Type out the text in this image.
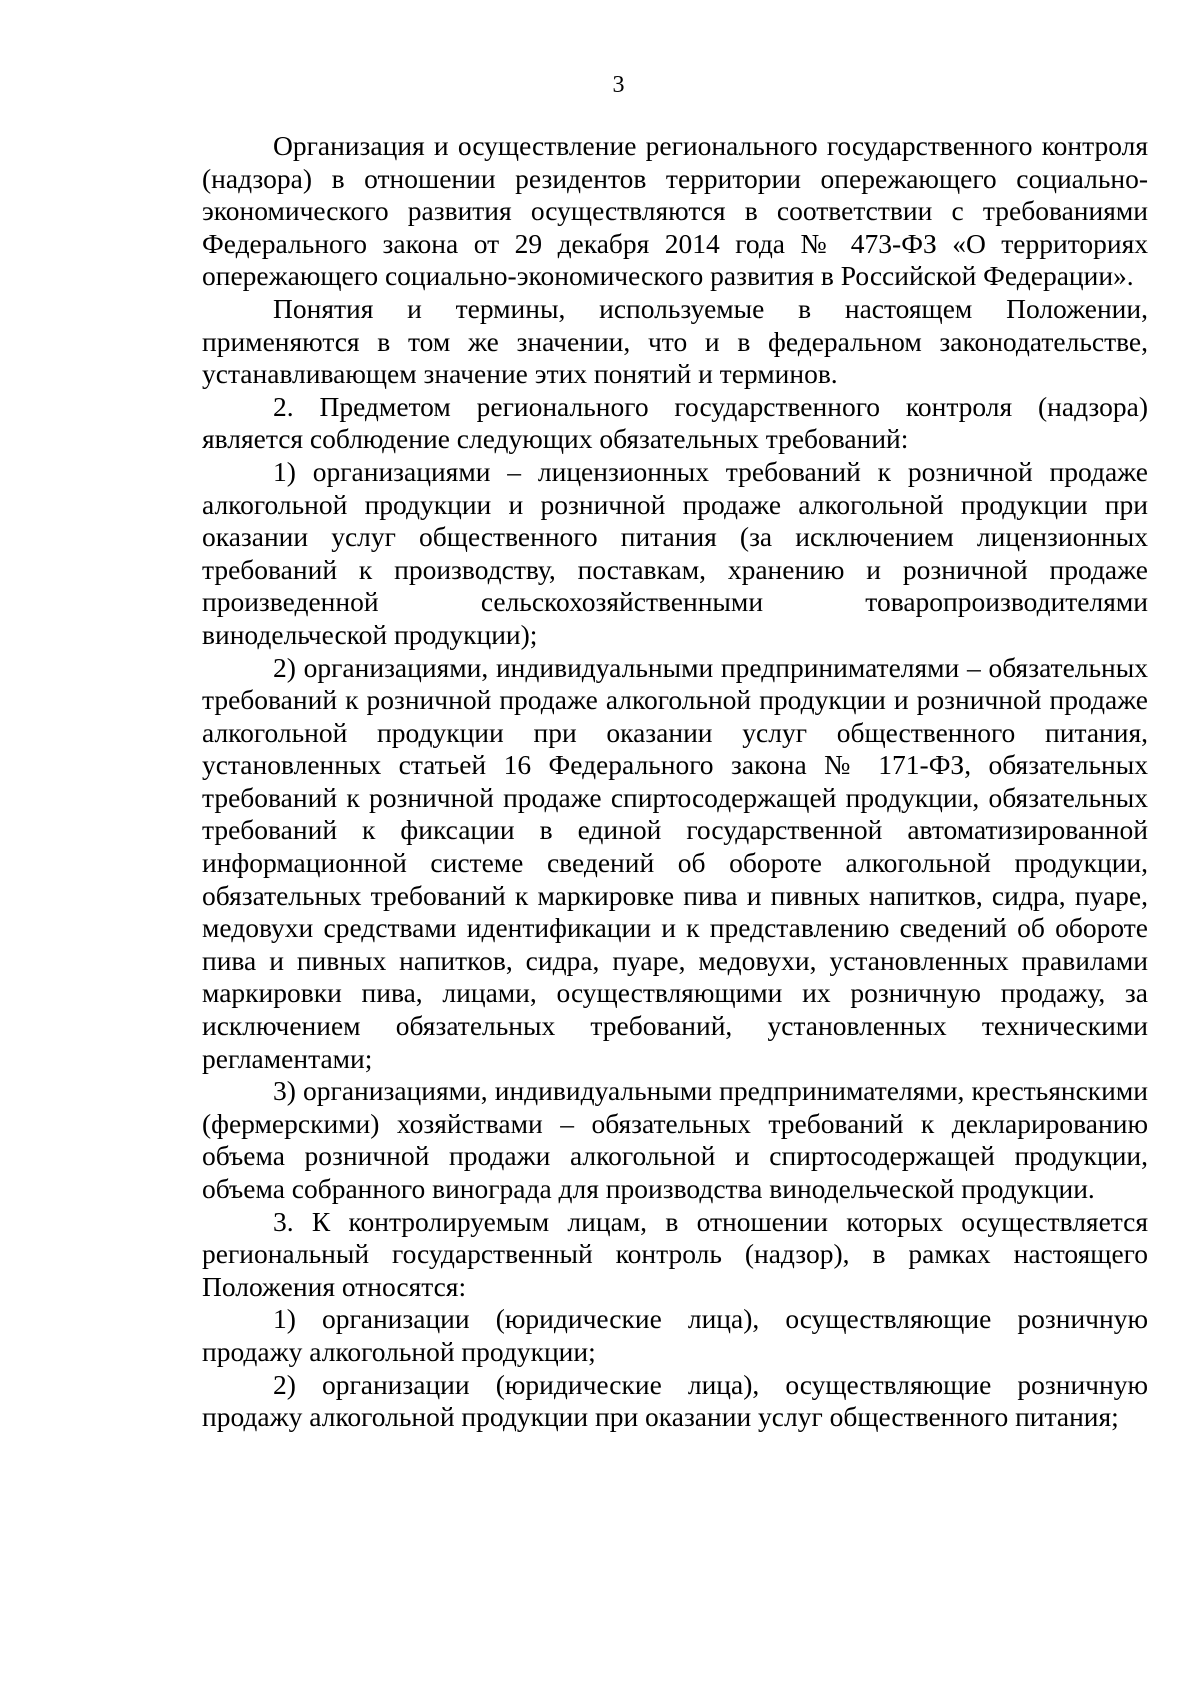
3

Организация и осуществление регионального государственного контроля (надзора) в отношении резидентов территории опережающего социально-экономического развития осуществляются в соответствии с требованиями Федерального закона от 29 декабря 2014 года № 473-ФЗ «О территориях опережающего социально-экономического развития в Российской Федерации».

Понятия и термины, используемые в настоящем Положении, применяются в том же значении, что и в федеральном законодательстве, устанавливающем значение этих понятий и терминов.

2. Предметом регионального государственного контроля (надзора) является соблюдение следующих обязательных требований:

1) организациями – лицензионных требований к розничной продаже алкогольной продукции и розничной продаже алкогольной продукции при оказании услуг общественного питания (за исключением лицензионных требований к производству, поставкам, хранению и розничной продаже произведенной сельскохозяйственными товаропроизводителями винодельческой продукции);

2) организациями, индивидуальными предпринимателями – обязательных требований к розничной продаже алкогольной продукции и розничной продаже алкогольной продукции при оказании услуг общественного питания, установленных статьей 16 Федерального закона № 171-ФЗ, обязательных требований к розничной продаже спиртосодержащей продукции, обязательных требований к фиксации в единой государственной автоматизированной информационной системе сведений об обороте алкогольной продукции, обязательных требований к маркировке пива и пивных напитков, сидра, пуаре, медовухи средствами идентификации и к представлению сведений об обороте пива и пивных напитков, сидра, пуаре, медовухи, установленных правилами маркировки пива, лицами, осуществляющими их розничную продажу, за исключением обязательных требований, установленных техническими регламентами;

3) организациями, индивидуальными предпринимателями, крестьянскими (фермерскими) хозяйствами – обязательных требований к декларированию объема розничной продажи алкогольной и спиртосодержащей продукции, объема собранного винограда для производства винодельческой продукции.

3. К контролируемым лицам, в отношении которых осуществляется региональный государственный контроль (надзор), в рамках настоящего Положения относятся:

1) организации (юридические лица), осуществляющие розничную продажу алкогольной продукции;

2) организации (юридические лица), осуществляющие розничную продажу алкогольной продукции при оказании услуг общественного питания;
